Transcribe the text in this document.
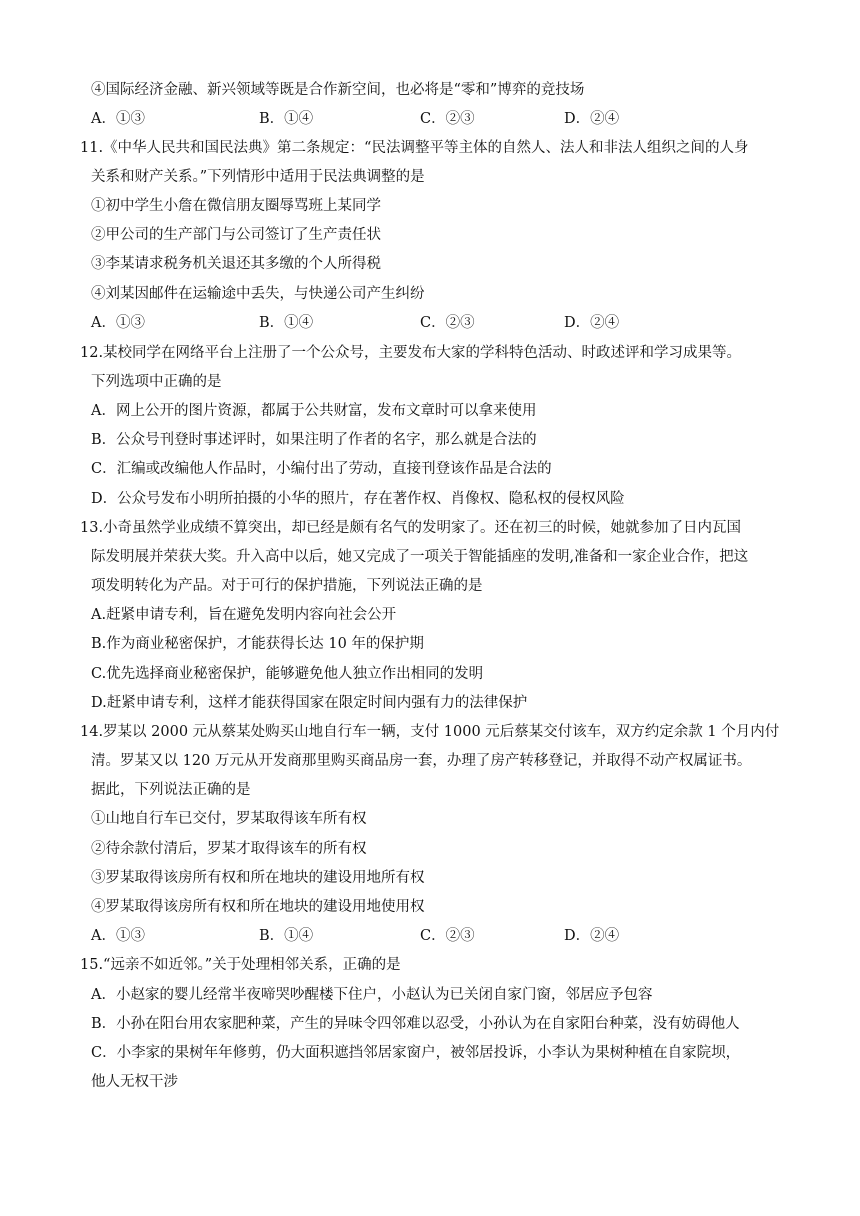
④国际经济金融、新兴领域等既是合作新空间，也必将是“零和”博弈的竞技场
A．①③	B．①④	C．②③	D．②④
11.《中华人民共和国民法典》第二条规定：“民法调整平等主体的自然人、法人和非法人组织之间的人身
关系和财产关系。”下列情形中适用于民法典调整的是
①初中学生小詹在微信朋友圈辱骂班上某同学
②甲公司的生产部门与公司签订了生产责任状
③李某请求税务机关退还其多缴的个人所得税
④刘某因邮件在运输途中丢失，与快递公司产生纠纷
A．①③	B．①④	C．②③	D．②④
12.某校同学在网络平台上注册了一个公众号，主要发布大家的学科特色活动、时政述评和学习成果等。
下列选项中正确的是
A．网上公开的图片资源，都属于公共财富，发布文章时可以拿来使用
B．公众号刊登时事述评时，如果注明了作者的名字，那么就是合法的
C．汇编或改编他人作品时，小编付出了劳动，直接刊登该作品是合法的
D．公众号发布小明所拍摄的小华的照片，存在著作权、肖像权、隐私权的侵权风险
13.小奇虽然学业成绩不算突出，却已经是颇有名气的发明家了。还在初三的时候，她就参加了日内瓦国
际发明展并荣获大奖。升入高中以后，她又完成了一项关于智能插座的发明,准备和一家企业合作，把这
项发明转化为产品。对于可行的保护措施，下列说法正确的是
A.赶紧申请专利，旨在避免发明内容向社会公开
B.作为商业秘密保护，才能获得长达 10 年的保护期
C.优先选择商业秘密保护，能够避免他人独立作出相同的发明
D.赶紧申请专利，这样才能获得国家在限定时间内强有力的法律保护
14.罗某以 2000 元从蔡某处购买山地自行车一辆，支付 1000 元后蔡某交付该车，双方约定余款 1 个月内付
清。罗某又以 120 万元从开发商那里购买商品房一套，办理了房产转移登记，并取得不动产权属证书。
据此，下列说法正确的是
①山地自行车已交付，罗某取得该车所有权
②待余款付清后，罗某才取得该车的所有权
③罗某取得该房所有权和所在地块的建设用地所有权
④罗某取得该房所有权和所在地块的建设用地使用权
A．①③	B．①④	C．②③	D．②④
15.“远亲不如近邻。”关于处理相邻关系，正确的是
A．小赵家的婴儿经常半夜啼哭吵醒楼下住户，小赵认为已关闭自家门窗，邻居应予包容
B．小孙在阳台用农家肥种菜，产生的异味令四邻难以忍受，小孙认为在自家阳台种菜，没有妨碍他人
C．小李家的果树年年修剪，仍大面积遮挡邻居家窗户，被邻居投诉，小李认为果树种植在自家院坝，
他人无权干涉
